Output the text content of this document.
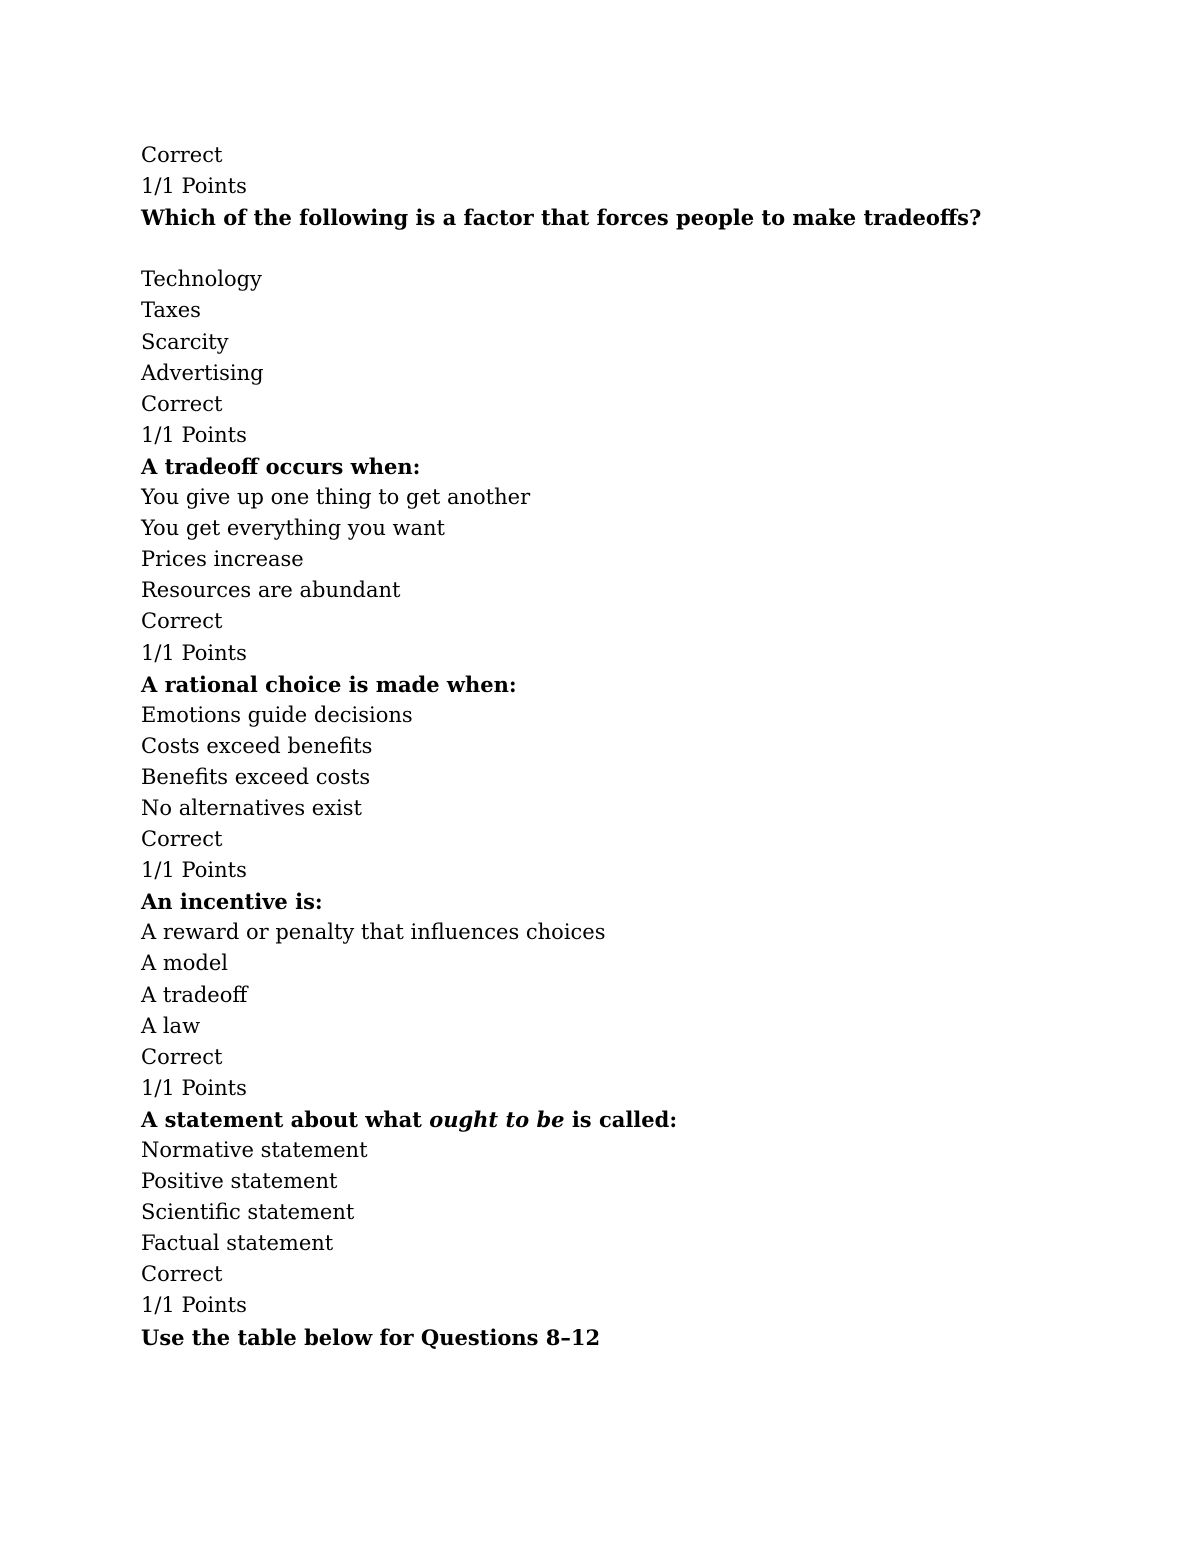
Correct
1/1 Points
Which of the following is a factor that forces people to make tradeoffs?
Technology
Taxes
Scarcity
Advertising
Correct
1/1 Points
A tradeoff occurs when:
You give up one thing to get another
You get everything you want
Prices increase
Resources are abundant
Correct
1/1 Points
A rational choice is made when:
Emotions guide decisions
Costs exceed benefits
Benefits exceed costs
No alternatives exist
Correct
1/1 Points
An incentive is:
A reward or penalty that influences choices
A model
A tradeoff
A law
Correct
1/1 Points
A statement about what ought to be is called:
Normative statement
Positive statement
Scientific statement
Factual statement
Correct
1/1 Points
Use the table below for Questions 8–12
